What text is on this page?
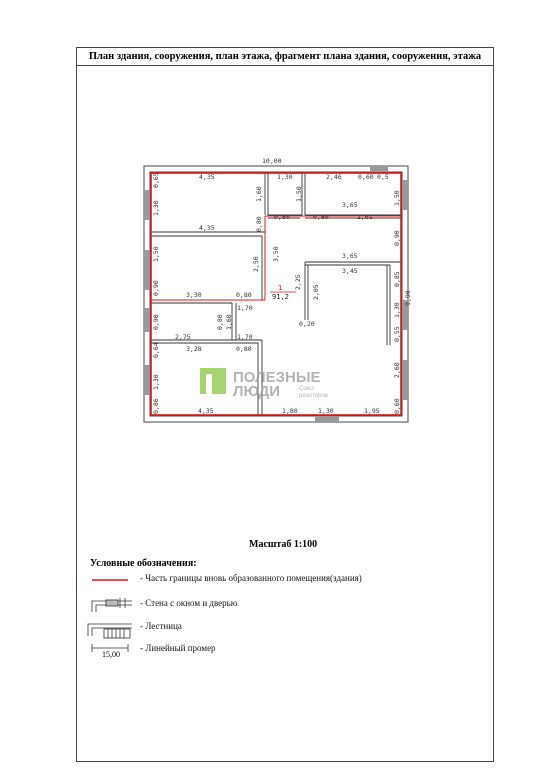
План здания, сооружения, план этажа, фрагмент плана здания, сооружения, этажа
10,00
4,35	1,30	2,46	0,60 0,5
1,60	1,50
0,80	0,80
3,65
2,61
4,35
3,65
3,45
2,50
3,50
2,25
2,05
0,80
3,30	0,80
1,70
0,20
0,80 1,60
2,75	1,70
3,28	0,80
4,35	1,80	1,30	1,95
0,65
1,30
1,50
0,90
0,90
0,64
1,30
0,86
1,50
0,90
0,85
1,30
0,55
2,60
0,60
9,90
1
91,2
ПОЛЕЗНЫЕ
ЛЮДИ	Союз
риэлторов
Масштаб 1:100
Условные обозначения:
- Часть границы вновь образованного помещения(здания)
- Стена с окном и дверью
- Лестница
- Линейный промер
15,00
